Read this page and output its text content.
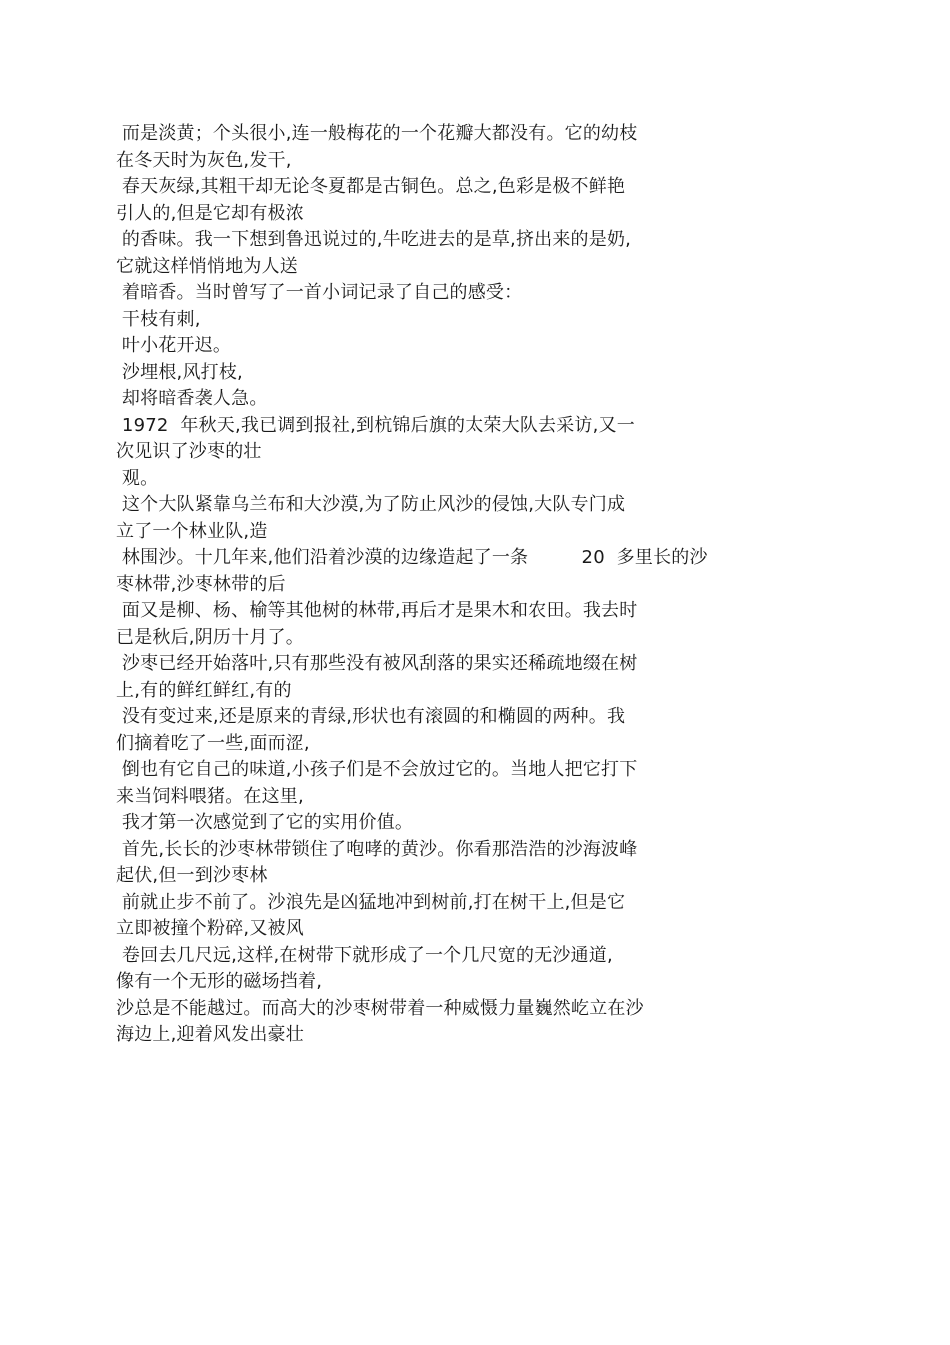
而是淡黄；个头很小,连一般梅花的一个花瓣大都没有。它的幼枝
在冬天时为灰色,发干,
春天灰绿,其粗干却无论冬夏都是古铜色。总之,色彩是极不鲜艳
引人的,但是它却有极浓
的香味。我一下想到鲁迅说过的,牛吃进去的是草,挤出来的是奶,
它就这样悄悄地为人送
着暗香。当时曾写了一首小词记录了自己的感受：
干枝有刺,
叶小花开迟。
沙埋根,风打枝,
却将暗香袭人急。
1972  年秋天,我已调到报社,到杭锦后旗的太荣大队去采访,又一
次见识了沙枣的壮
观。
这个大队紧靠乌兰布和大沙漠,为了防止风沙的侵蚀,大队专门成
立了一个林业队,造
林围沙。十几年来,他们沿着沙漠的边缘造起了一条         20  多里长的沙
枣林带,沙枣林带的后
面又是柳、杨、榆等其他树的林带,再后才是果木和农田。我去时
已是秋后,阴历十月了。
沙枣已经开始落叶,只有那些没有被风刮落的果实还稀疏地缀在树
上,有的鲜红鲜红,有的
没有变过来,还是原来的青绿,形状也有滚圆的和椭圆的两种。我
们摘着吃了一些,面而涩,
倒也有它自己的味道,小孩子们是不会放过它的。当地人把它打下
来当饲料喂猪。在这里,
我才第一次感觉到了它的实用价值。
首先,长长的沙枣林带锁住了咆哮的黄沙。你看那浩浩的沙海波峰
起伏,但一到沙枣林
前就止步不前了。沙浪先是凶猛地冲到树前,打在树干上,但是它
立即被撞个粉碎,又被风
卷回去几尺远,这样,在树带下就形成了一个几尺宽的无沙通道,
像有一个无形的磁场挡着,
沙总是不能越过。而高大的沙枣树带着一种威慑力量巍然屹立在沙
海边上,迎着风发出豪壮
